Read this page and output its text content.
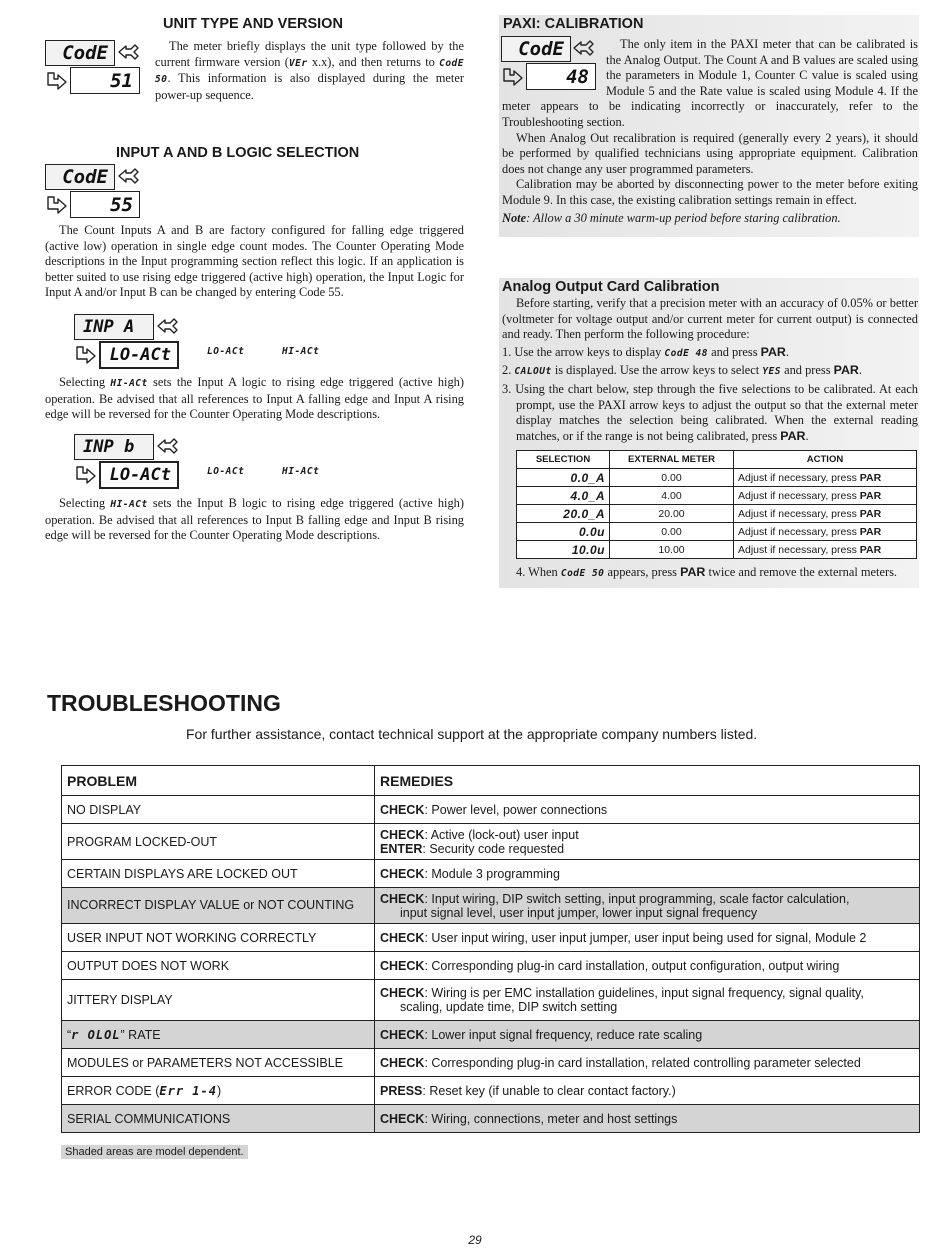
UNIT TYPE AND VERSION
CodE
51
The meter briefly displays the unit type followed by the current firmware version (VEr x.x), and then returns to CodE 50. This information is also displayed during the meter power-up sequence.
INPUT A AND B LOGIC SELECTION
CodE
55
The Count Inputs A and B are factory configured for falling edge triggered (active low) operation in single edge count modes. The Counter Operating Mode descriptions in the Input programming section reflect this logic. If an application is better suited to use rising edge triggered (active high) operation, the Input Logic for Input A and/or Input B can be changed by entering Code 55.
INP A
LO-ACt	LO-ACt	HI-ACt
Selecting HI-ACt sets the Input A logic to rising edge triggered (active high) operation. Be advised that all references to Input A falling edge and Input A rising edge will be reversed for the Counter Operating Mode descriptions.
INP b
LO-ACt	LO-ACt	HI-ACt
Selecting HI-ACt sets the Input B logic to rising edge triggered (active high) operation. Be advised that all references to Input B falling edge and Input B rising edge will be reversed for the Counter Operating Mode descriptions.
PAXI: CALIBRATION
CodE
48
The only item in the PAXI meter that can be calibrated is the Analog Output. The Count A and B values are scaled using the parameters in Module 1, Counter C value is scaled using Module 5 and the Rate value is scaled using Module 4. If the meter appears to be indicating incorrectly or inaccurately, refer to the Troubleshooting section.
When Analog Out recalibration is required (generally every 2 years), it should be performed by qualified technicians using appropriate equipment. Calibration does not change any user programmed parameters.
Calibration may be aborted by disconnecting power to the meter before exiting Module 9. In this case, the existing calibration settings remain in effect.
Note: Allow a 30 minute warm-up period before staring calibration.
Analog Output Card Calibration
Before starting, verify that a precision meter with an accuracy of 0.05% or better (voltmeter for voltage output and/or current meter for current output) is connected and ready. Then perform the following procedure:
1. Use the arrow keys to display CodE 48 and press PAR.
2. CALOUt is displayed. Use the arrow keys to select YES and press PAR.
3. Using the chart below, step through the five selections to be calibrated. At each prompt, use the PAXI arrow keys to adjust the output so that the external meter display matches the selection being calibrated. When the external reading matches, or if the range is not being calibrated, press PAR.
SELECTION	EXTERNAL METER	ACTION
0.0_A	0.00	Adjust if necessary, press PAR
4.0_A	4.00	Adjust if necessary, press PAR
20.0_A	20.00	Adjust if necessary, press PAR
0.0u	0.00	Adjust if necessary, press PAR
10.0u	10.00	Adjust if necessary, press PAR
4. When CodE 50 appears, press PAR twice and remove the external meters.
TROUBLESHOOTING
For further assistance, contact technical support at the appropriate company numbers listed.
PROBLEM	REMEDIES
NO DISPLAY	CHECK: Power level, power connections
PROGRAM LOCKED-OUT	CHECK: Active (lock-out) user input
ENTER: Security code requested

CERTAIN DISPLAYS ARE LOCKED OUT	CHECK: Module 3 programming
INCORRECT DISPLAY VALUE or NOT COUNTING	CHECK: Input wiring, DIP switch setting, input programming, scale factor calculation,
input signal level, user input jumper, lower input signal frequency

USER INPUT NOT WORKING CORRECTLY	CHECK: User input wiring, user input jumper, user input being used for signal, Module 2
OUTPUT DOES NOT WORK	CHECK: Corresponding plug-in card installation, output configuration, output wiring
JITTERY DISPLAY	CHECK: Wiring is per EMC installation guidelines, input signal frequency, signal quality,
scaling, update time, DIP switch setting

“r OLOL” RATE	CHECK: Lower input signal frequency, reduce rate scaling
MODULES or PARAMETERS NOT ACCESSIBLE	CHECK: Corresponding plug-in card installation, related controlling parameter selected
ERROR CODE (Err 1-4)	PRESS: Reset key (if unable to clear contact factory.)
SERIAL COMMUNICATIONS	CHECK: Wiring, connections, meter and host settings
Shaded areas are model dependent.
29
